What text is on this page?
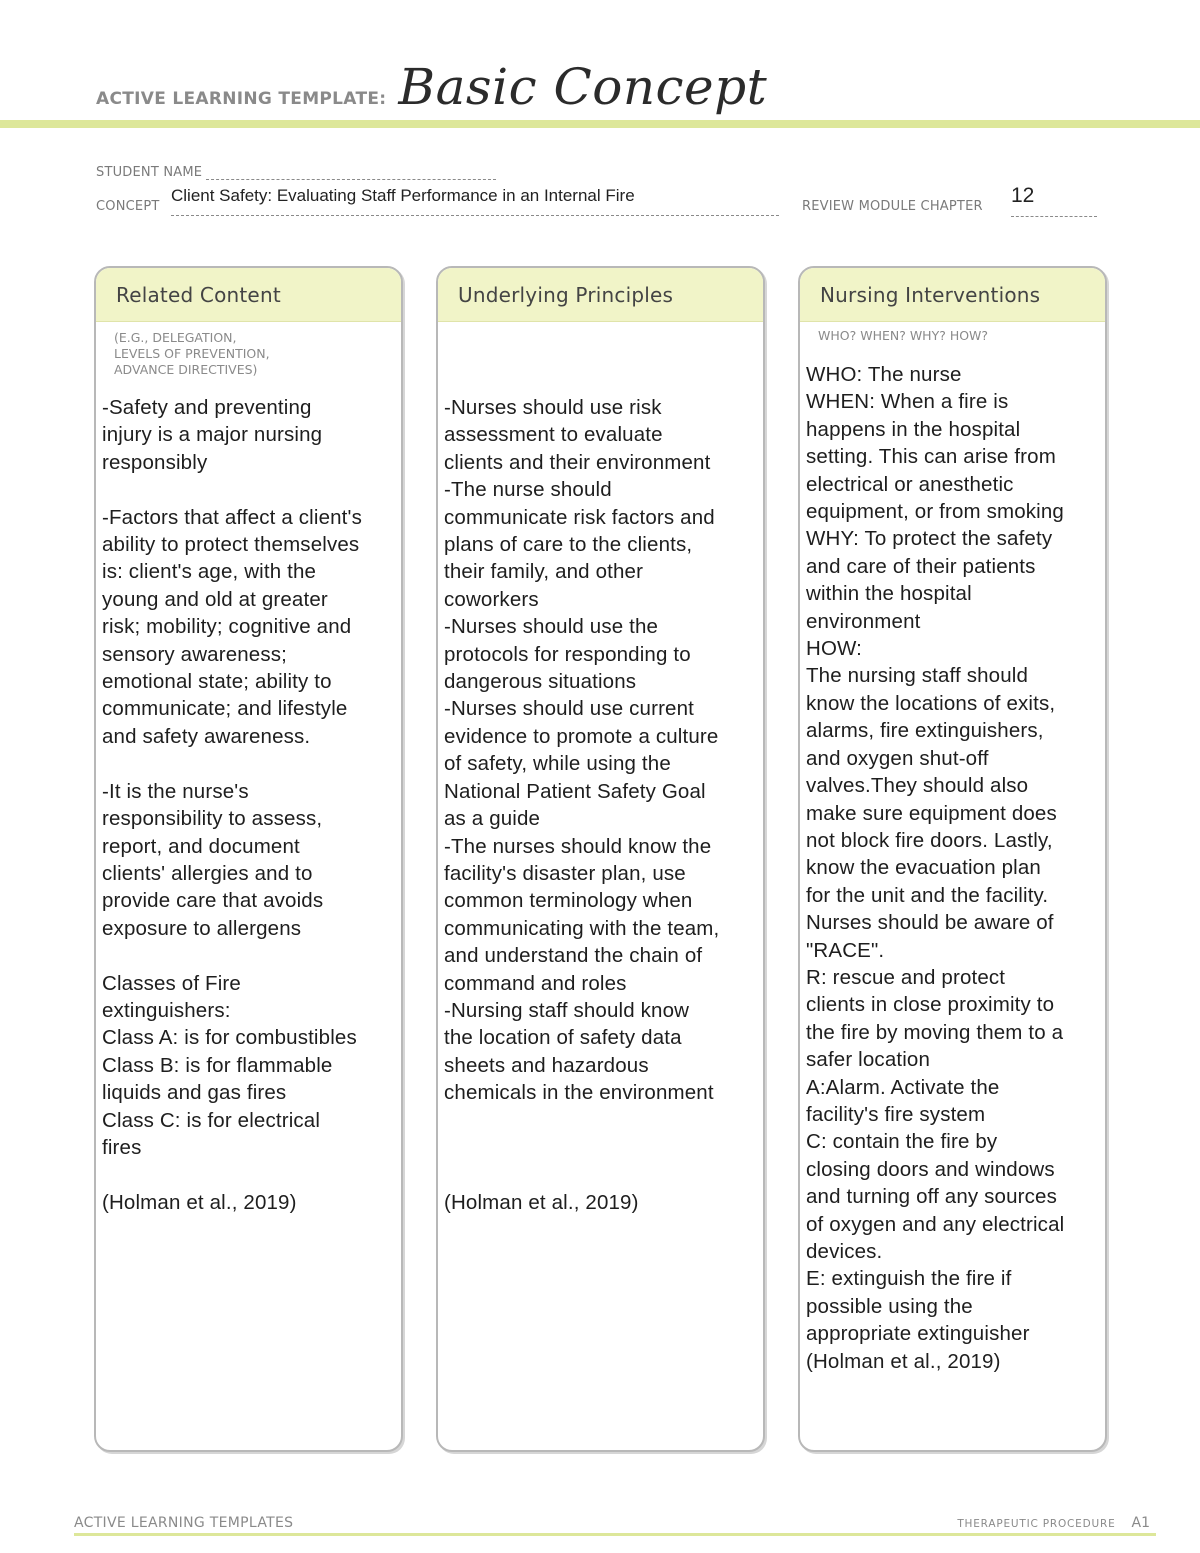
ACTIVE LEARNING TEMPLATE: Basic Concept
STUDENT NAME
CONCEPT
Client Safety: Evaluating Staff Performance in an Internal Fire
REVIEW MODULE CHAPTER 12
Related Content
(E.G., DELEGATION,
LEVELS OF PREVENTION,
ADVANCE DIRECTIVES)
-Safety and preventing
injury is a major nursing
responsibly

-Factors that affect a client's
ability to protect themselves
is: client's age, with the
young and old at greater
risk; mobility; cognitive and
sensory awareness;
emotional state; ability to
communicate; and lifestyle
and safety awareness.

-It is the nurse's
responsibility to assess,
report, and document
clients' allergies and to
provide care that avoids
exposure to allergens

Classes of Fire
extinguishers:
Class A: is for combustibles
Class B: is for flammable
liquids and gas fires
Class C: is for electrical
fires

(Holman et al., 2019)
Underlying Principles
-Nurses should use risk
assessment to evaluate
clients and their environment
-The nurse should
communicate risk factors and
plans of care to the clients,
their family, and other
coworkers
-Nurses should use the
protocols for responding to
dangerous situations
-Nurses should use current
evidence to promote a culture
of safety, while using the
National Patient Safety Goal
as a guide
-The nurses should know the
facility's disaster plan, use
common terminology when
communicating with the team,
and understand the chain of
command and roles
-Nursing staff should know
the location of safety data
sheets and hazardous
chemicals in the environment

(Holman et al., 2019)
Nursing Interventions
WHO? WHEN? WHY? HOW?
WHO: The nurse
WHEN: When a fire is
happens in the hospital
setting. This can arise from
electrical or anesthetic
equipment, or from smoking
WHY: To protect the safety
and care of their patients
within the hospital
environment
HOW:
The nursing staff should
know the locations of exits,
alarms, fire extinguishers,
and oxygen shut-off
valves.They should also
make sure equipment does
not block fire doors. Lastly,
know the evacuation plan
for the unit and the facility.
Nurses should be aware of
"RACE".
R: rescue and protect
clients in close proximity to
the fire by moving them to a
safer location
A:Alarm. Activate the
facility's fire system
C: contain the fire by
closing doors and windows
and turning off any sources
of oxygen and any electrical
devices.
E: extinguish the fire if
possible using the
appropriate extinguisher
(Holman et al., 2019)
ACTIVE LEARNING TEMPLATES	THERAPEUTIC PROCEDURE A1
